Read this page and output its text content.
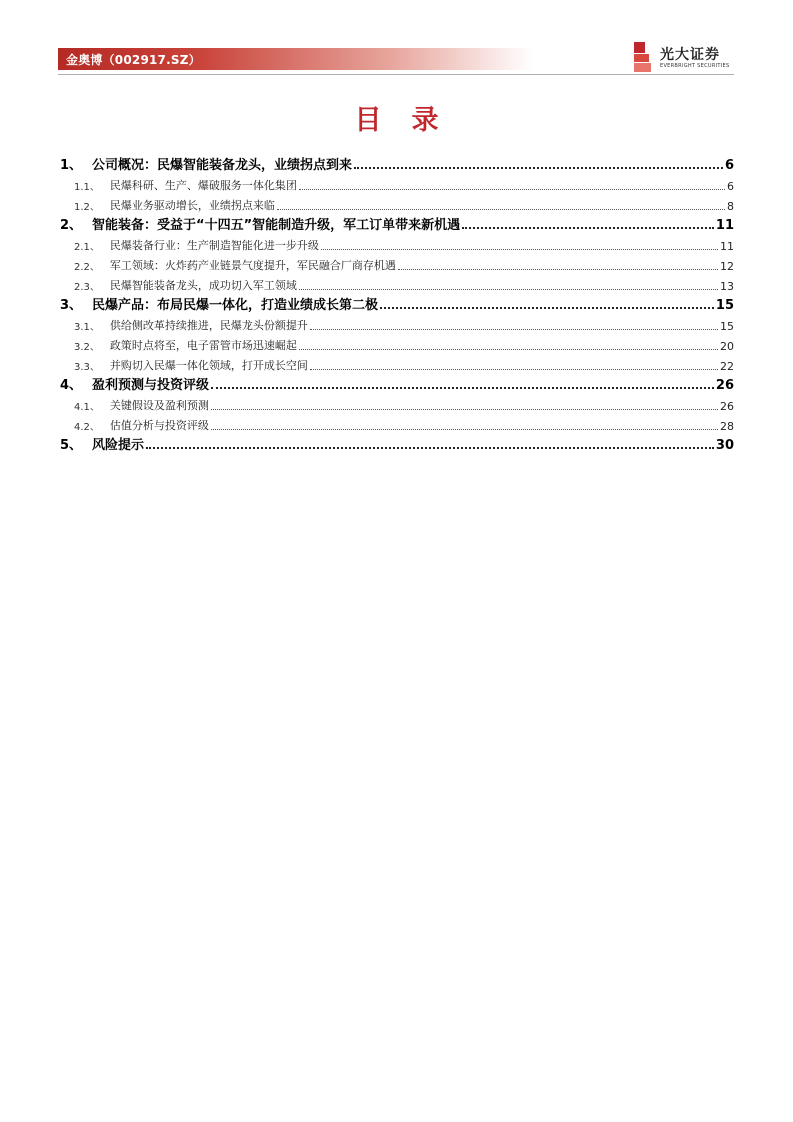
金奥博（002917.SZ）	光大证券
EVERBRIGHT SECURITIES
目录
1、 公司概况：民爆智能装备龙头，业绩拐点到来	6
1.1、 民爆科研、生产、爆破服务一体化集团	6
1.2、 民爆业务驱动增长，业绩拐点来临	8
2、 智能装备：受益于“十四五”智能制造升级，军工订单带来新机遇	11
2.1、 民爆装备行业：生产制造智能化进一步升级	11
2.2、 军工领域：火炸药产业链景气度提升，军民融合厂商存机遇	12
2.3、 民爆智能装备龙头，成功切入军工领域	13
3、 民爆产品：布局民爆一体化，打造业绩成长第二极	15
3.1、 供给侧改革持续推进，民爆龙头份额提升	15
3.2、 政策时点将至，电子雷管市场迅速崛起	20
3.3、 并购切入民爆一体化领域，打开成长空间	22
4、 盈利预测与投资评级	26
4.1、 关键假设及盈利预测	26
4.2、 估值分析与投资评级	28
5、 风险提示	30
